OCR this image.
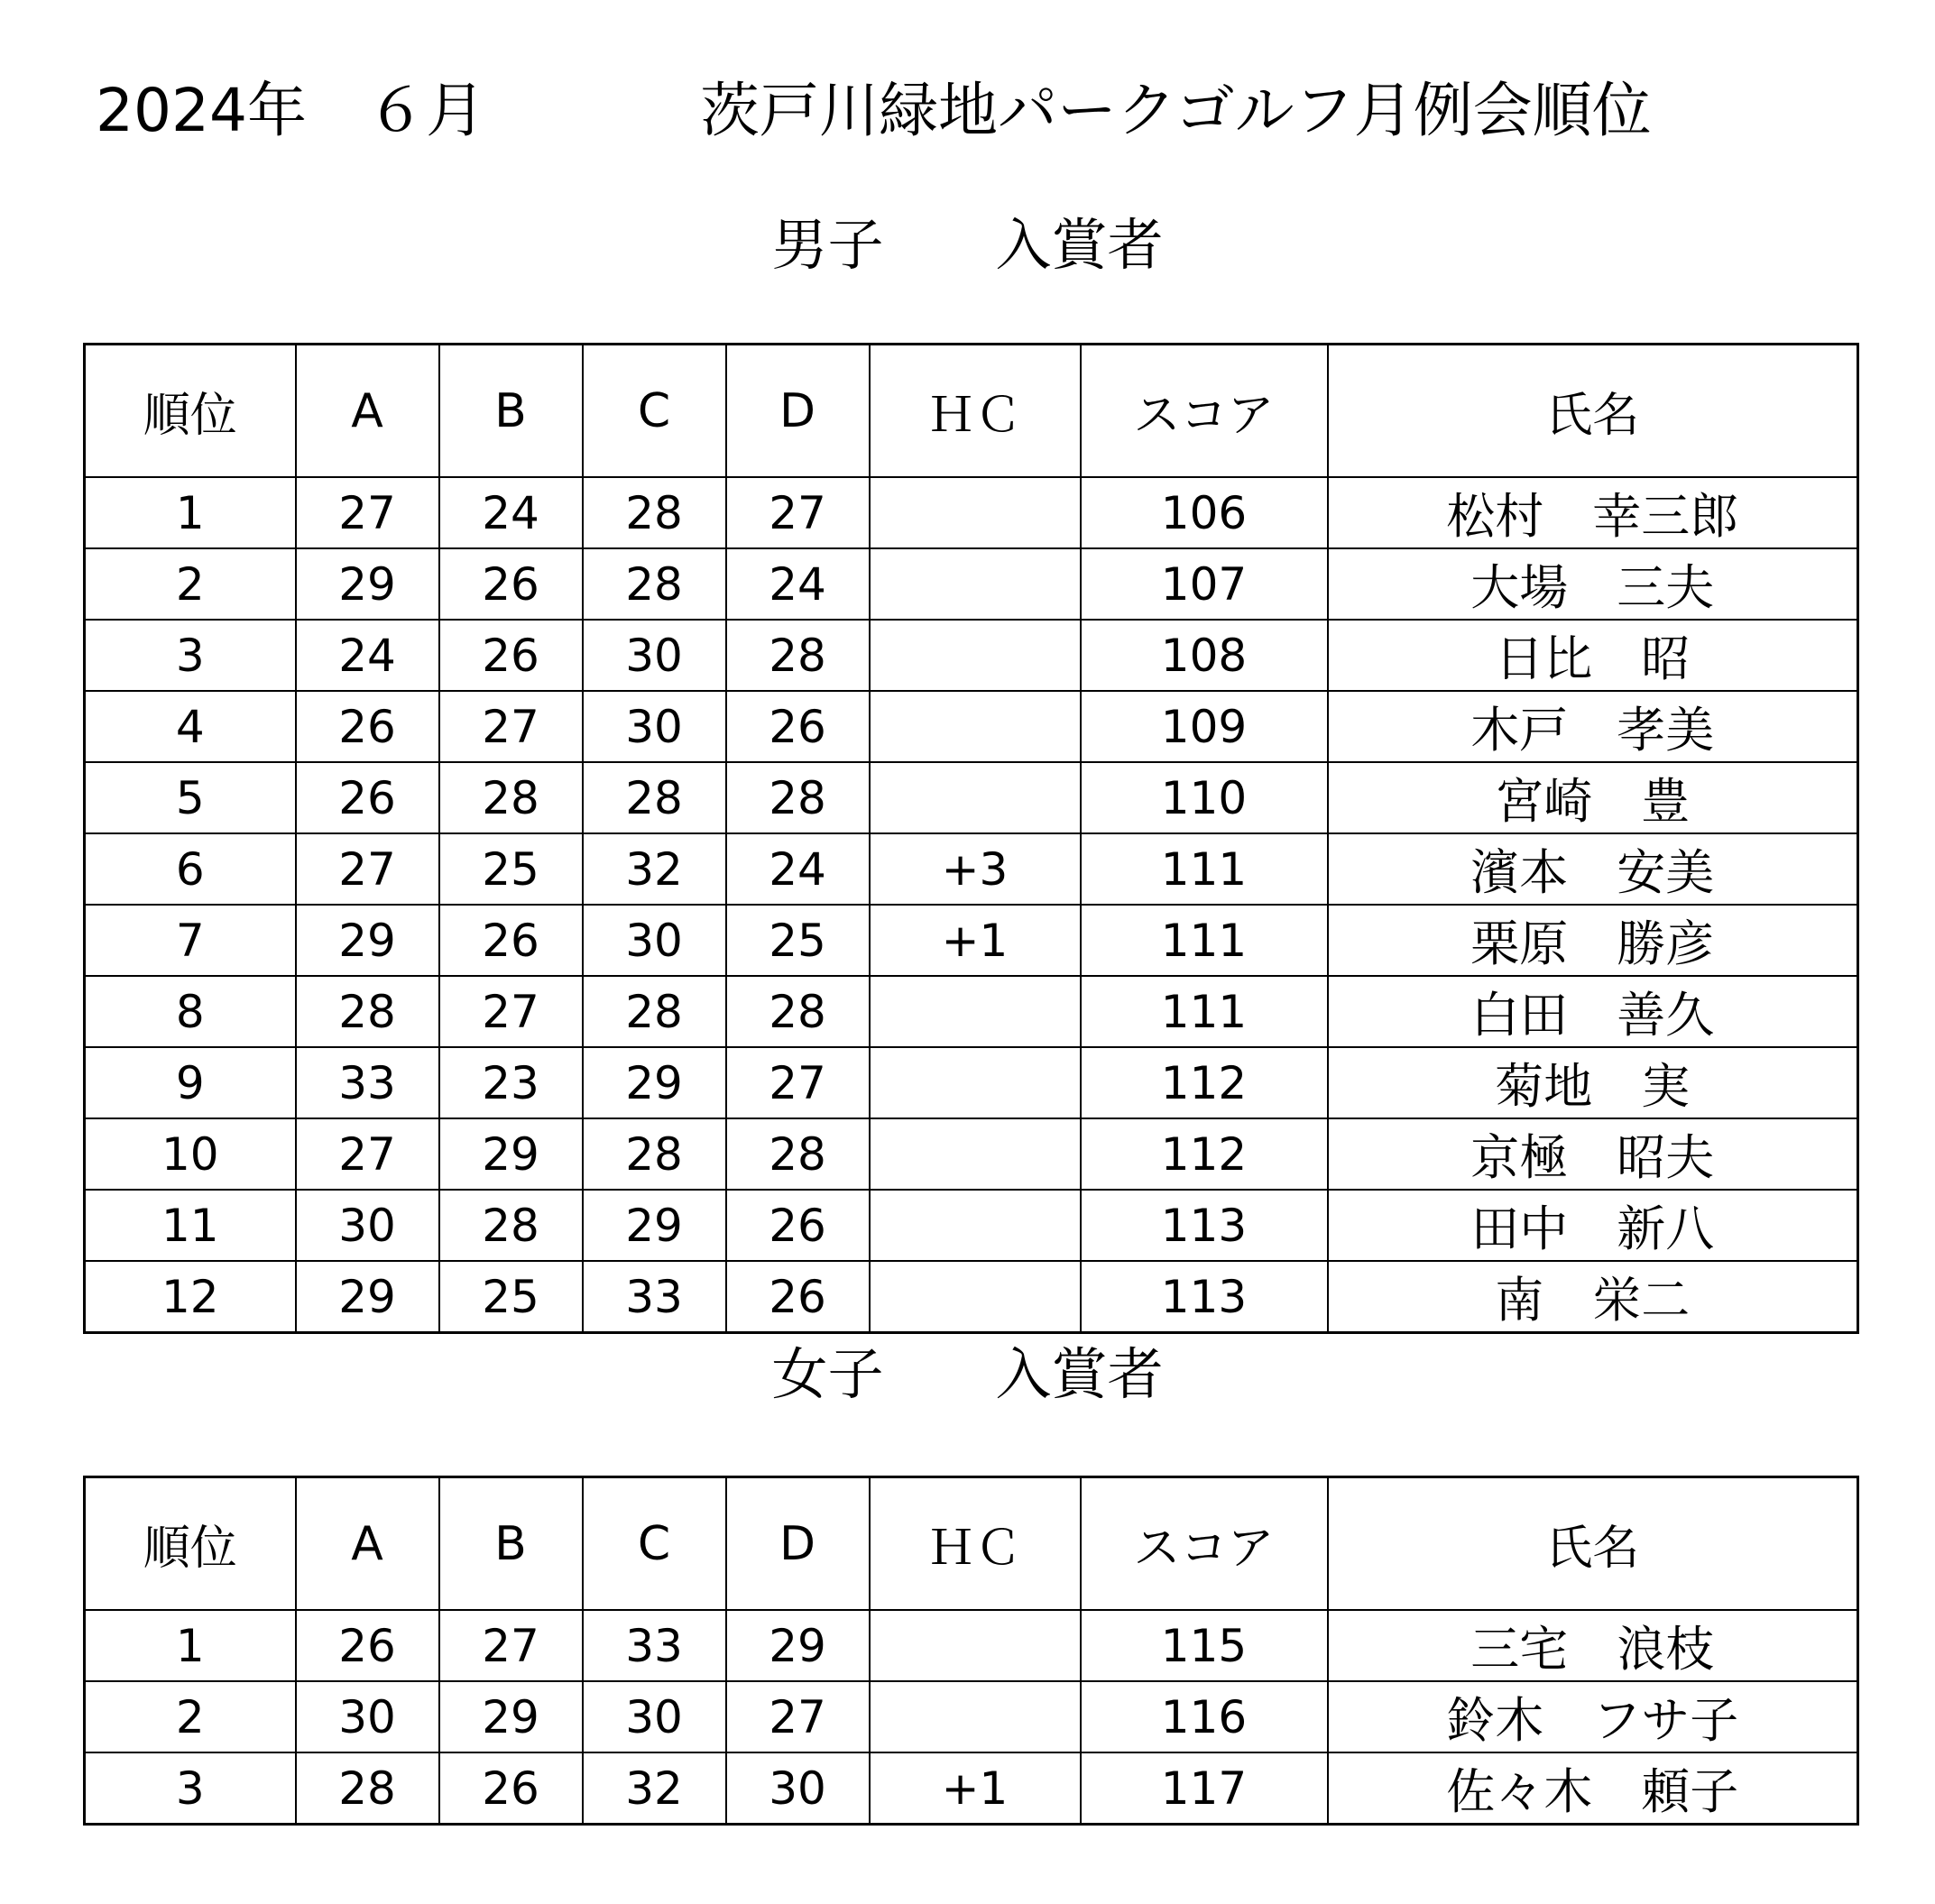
2024年　６月	茨戸川緑地パークゴルフ月例会順位
男子　　入賞者
順位	A	B	C	D	ＨＣ	スコア	氏名
1	27	24	28	27		106	松村　幸三郎
2	29	26	28	24		107	大場　三夫
3	24	26	30	28		108	日比　昭
4	26	27	30	26		109	木戸　孝美
5	26	28	28	28		110	宮崎　豊
6	27	25	32	24	+3	111	濱本　安美
7	29	26	30	25	+1	111	栗原　勝彦
8	28	27	28	28		111	白田　善久
9	33	23	29	27		112	菊地　実
10	27	29	28	28		112	京極　昭夫
11	30	28	29	26		113	田中　新八
12	29	25	33	26		113	南　栄二
女子　　入賞者
順位	A	B	C	D	ＨＣ	スコア	氏名
1	26	27	33	29		115	三宅　浪枝
2	30	29	30	27		116	鈴木　フサ子
3	28	26	32	30	+1	117	佐々木　頼子
